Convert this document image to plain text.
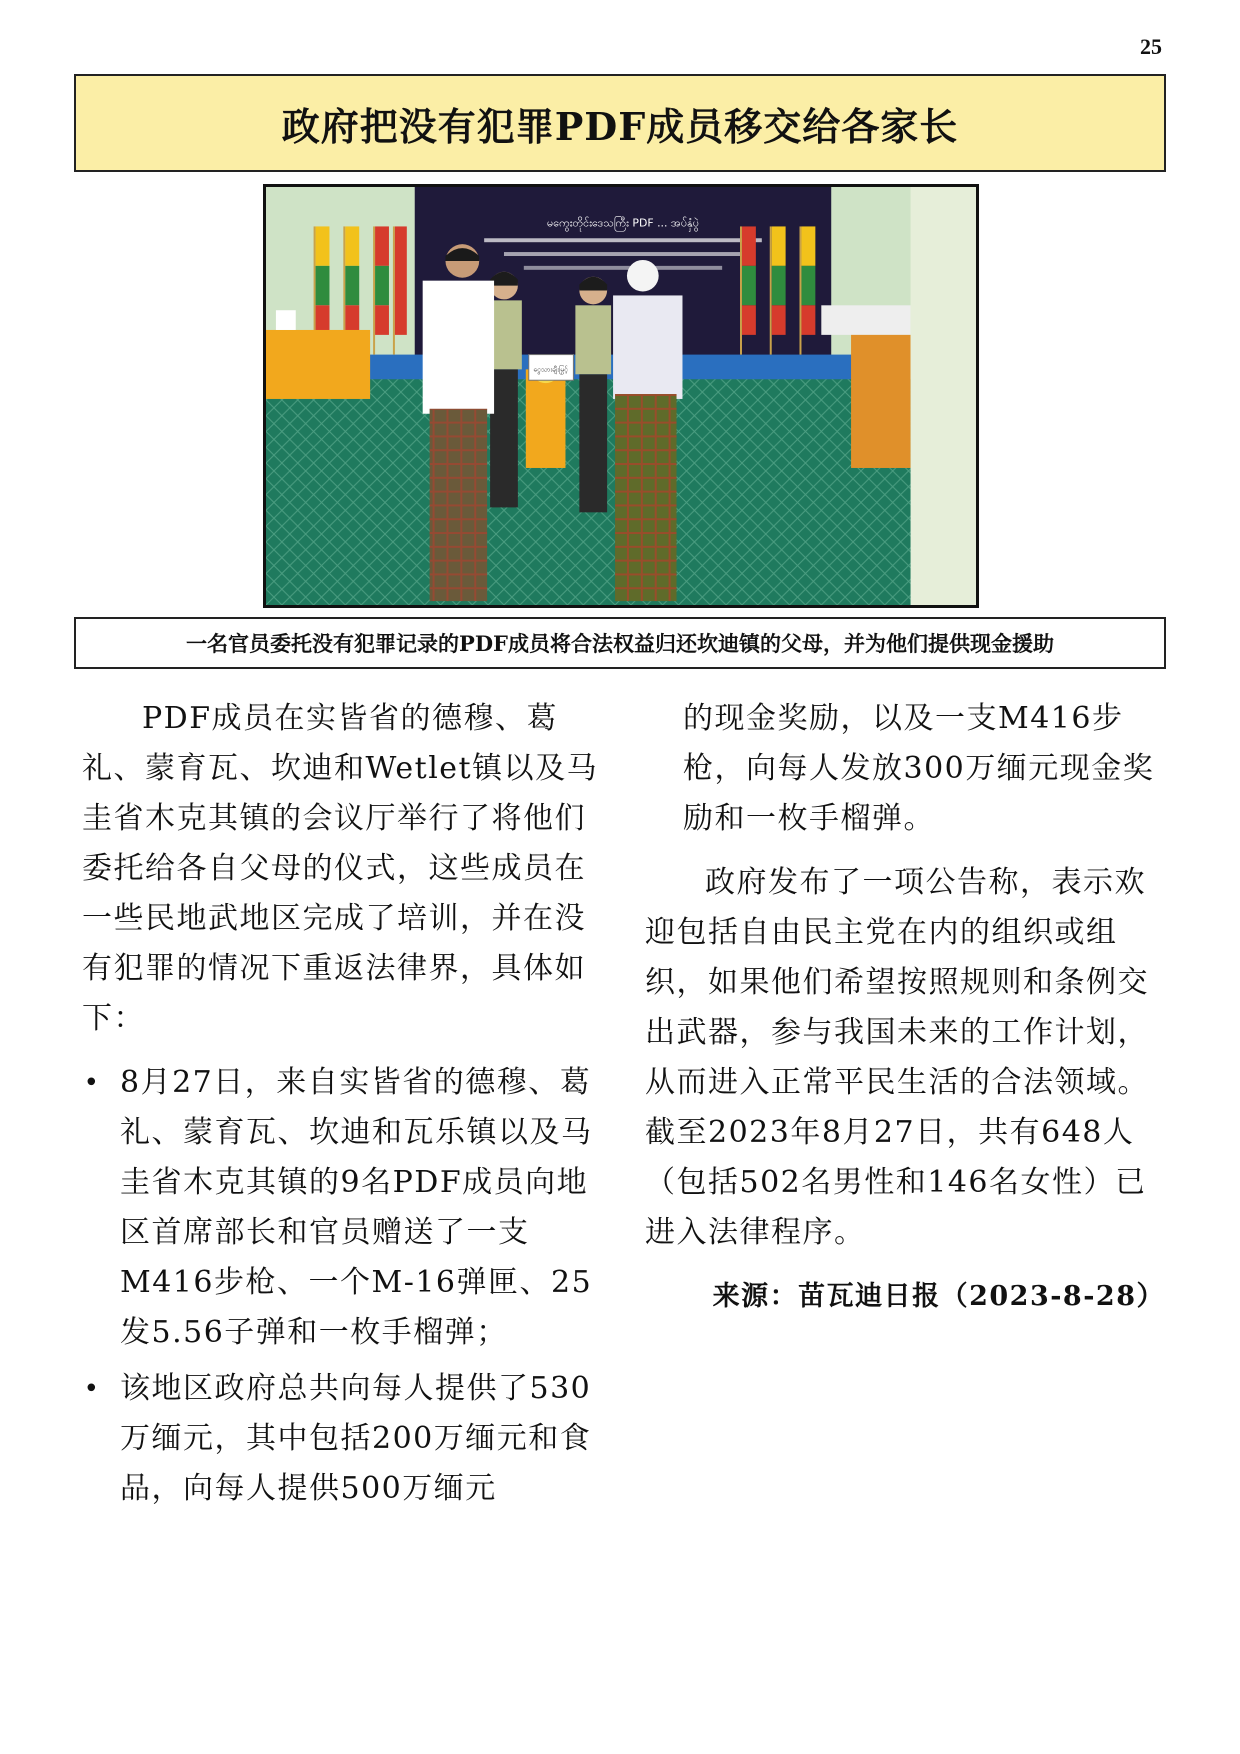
25
政府把没有犯罪PDF成员移交给各家长
မကွေးတိုင်းဒေသကြီး PDF ... အပ်နှံပွဲ
ငွေသားချီးမြှင့်
一名官员委托没有犯罪记录的PDF成员将合法权益归还坎迪镇的父母，并为他们提供现金援助

PDF成员在实皆省的德穆、葛礼、蒙育瓦、坎迪和Wetlet镇以及马圭省木克其镇的会议厅举行了将他们委托给各自父母的仪式，这些成员在一些民地武地区完成了培训，并在没有犯罪的情况下重返法律界，具体如下：

• 8月27日，来自实皆省的德穆、葛礼、蒙育瓦、坎迪和瓦乐镇以及马圭省木克其镇的9名PDF成员向地区首席部长和官员赠送了一支M416步枪、一个M-16弹匣、25发5.56子弹和一枚手榴弹；
• 该地区政府总共向每人提供了530万缅元，其中包括200万缅元和食品，向每人提供500万缅元

的现金奖励，以及一支M416步枪，向每人发放300万缅元现金奖励和一枚手榴弹。

政府发布了一项公告称，表示欢迎包括自由民主党在内的组织或组织，如果他们希望按照规则和条例交出武器，参与我国未来的工作计划，从而进入正常平民生活的合法领域。截至2023年8月27日，共有648人（包括502名男性和146名女性）已进入法律程序。

来源：苗瓦迪日报（2023-8-28）
